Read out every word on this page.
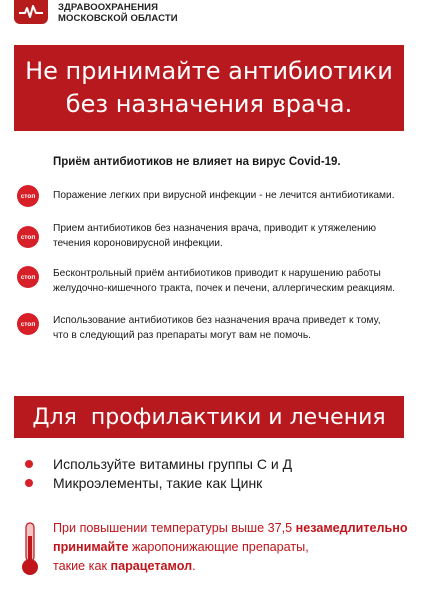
ЗДРАВООХРАНЕНИЯ
МОСКОВСКОЙ ОБЛАСТИ
Не принимайте антибиотики
без назначения врача.
Приём антибиотиков не влияет на вирус Covid-19.
стоп	Поражение легких при вирусной инфекции - не лечится антибиотиками.
стоп
Прием антибиотиков без назначения врача, приводит к утяжелению
течения короновирусной инфекции.
стоп	Бесконтрольный приём антибиотиков приводит к нарушению работы
желудочно-кишечного тракта, почек и печени, аллергическим реакциям.
стоп	Использование антибиотиков без назначения врача приведет к тому,
что в следующий раз препараты могут вам не помочь.
Для  профилактики и лечения
Используйте витамины группы С и Д
Микроэлементы, такие как Цинк
При повышении температуры выше 37,5 незамедлительно
принимайте жаропонижающие препараты,
такие как парацетамол.
